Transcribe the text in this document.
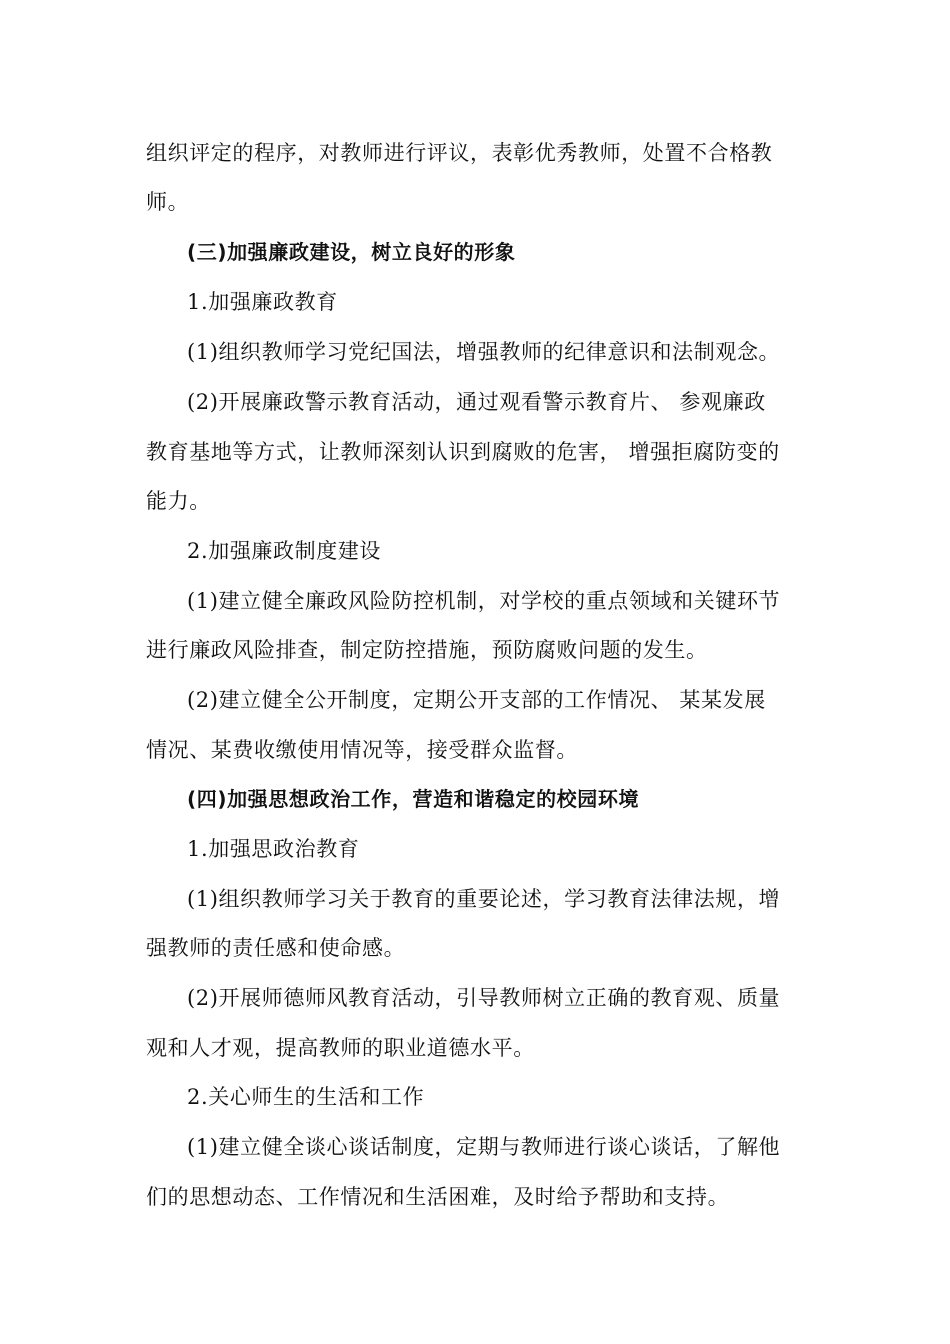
组织评定的程序，对教师进行评议，表彰优秀教师，处置不合格教
师。
(三)加强廉政建设，树立良好的形象
1.加强廉政教育
(1)组织教师学习党纪国法，增强教师的纪律意识和法制观念。
(2)开展廉政警示教育活动，通过观看警示教育片、 参观廉政
教育基地等方式，让教师深刻认识到腐败的危害， 增强拒腐防变的
能力。
2.加强廉政制度建设
(1)建立健全廉政风险防控机制，对学校的重点领域和关键环节
进行廉政风险排查，制定防控措施，预防腐败问题的发生。
(2)建立健全公开制度，定期公开支部的工作情况、 某某发展
情况、某费收缴使用情况等，接受群众监督。
(四)加强思想政治工作，营造和谐稳定的校园环境
1.加强思政治教育
(1)组织教师学习关于教育的重要论述，学习教育法律法规，增
强教师的责任感和使命感。
(2)开展师德师风教育活动，引导教师树立正确的教育观、质量
观和人才观，提高教师的职业道德水平。
2.关心师生的生活和工作
(1)建立健全谈心谈话制度，定期与教师进行谈心谈话，了解他
们的思想动态、工作情况和生活困难，及时给予帮助和支持。
